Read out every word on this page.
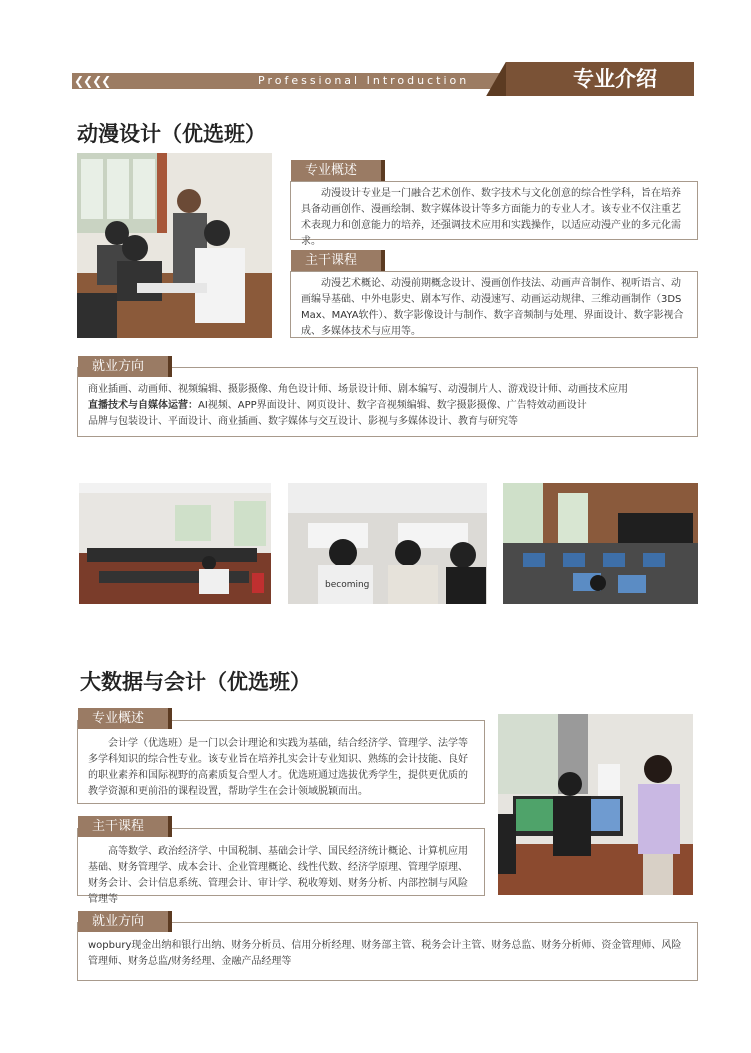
❮❮❮❮	Professional Introduction	专业介绍
动漫设计（优选班）
专业概述

动漫设计专业是一门融合艺术创作、数字技术与文化创意的综合性学科，旨在培养具备动画创作、漫画绘制、数字媒体设计等多方面能力的专业人才。该专业不仅注重艺术表现力和创意能力的培养，还强调技术应用和实践操作，以适应动漫产业的多元化需求。

主干课程

动漫艺术概论、动漫前期概念设计、漫画创作技法、动画声音制作、视听语言、动画编导基础、中外电影史、剧本写作、动漫速写、动画运动规律、三维动画制作（3DS Max、MAYA软件）、数字影像设计与制作、数字音频制与处理、界面设计、数字影视合成、多媒体技术与应用等。

就业方向

商业插画、动画师、视频编辑、摄影摄像、角色设计师、场景设计师、剧本编写、动漫制片人、游戏设计师、动画技术应用

直播技术与自媒体运营：AI视频、APP界面设计、网页设计、数字音视频编辑、数字摄影摄像、广告特效动画设计

品牌与包装设计、平面设计、商业插画、数字媒体与交互设计、影视与多媒体设计、教育与研究等

becoming
大数据与会计（优选班）
专业概述

会计学（优选班）是一门以会计理论和实践为基础，结合经济学、管理学、法学等多学科知识的综合性专业。该专业旨在培养扎实会计专业知识、熟练的会计技能、良好的职业素养和国际视野的高素质复合型人才。优选班通过选拔优秀学生，提供更优质的教学资源和更前沿的课程设置，帮助学生在会计领域脱颖而出。

主干课程

高等数学、政治经济学、中国税制、基础会计学、国民经济统计概论、计算机应用基础、财务管理学、成本会计、企业管理概论、线性代数、经济学原理、管理学原理、财务会计、会计信息系统、管理会计、审计学、税收筹划、财务分析、内部控制与风险管理等

就业方向

wopbury现金出纳和银行出纳、财务分析员、信用分析经理、财务部主管、税务会计主管、财务总监、财务分析师、资金管理师、风险管理师、财务总监/财务经理、金融产品经理等
